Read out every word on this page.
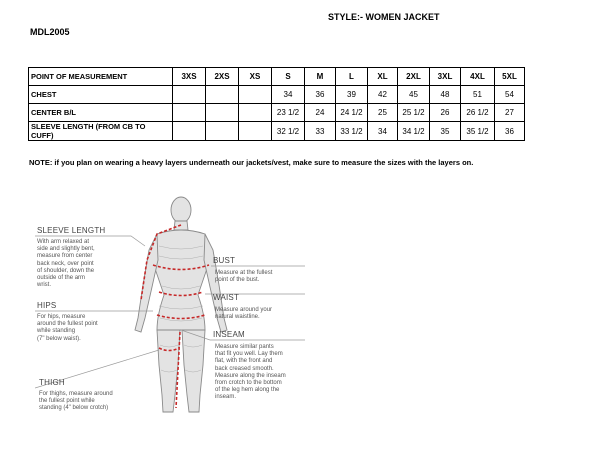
STYLE:- WOMEN JACKET
MDL2005
POINT OF MEASUREMENT	3XS	2XS	XS	S	M	L	XL	2XL	3XL	4XL	5XL
CHEST				34	36	39	42	45	48	51	54
CENTER B/L				23 1/2	24	24 1/2	25	25 1/2	26	26 1/2	27
SLEEVE LENGTH (FROM CB TO CUFF)				32 1/2	33	33 1/2	34	34 1/2	35	35 1/2	36
NOTE: if you plan on wearing a heavy layers underneath our jackets/vest, make sure to measure the sizes with the layers on.
SLEEVE LENGTH
With arm relaxed at
side and slightly bent,
measure from center
back neck, over point
of shoulder, down the
outside of the arm
wrist.
HIPS
For hips, measure
around the fullest point
while standing
(7" below waist).
THIGH
For thighs, measure around
the fullest point while
standing (4" below crotch)
BUST
Measure at the fullest
point of the bust.
WAIST
Measure around your
natural waistline.
INSEAM
Measure similar pants
that fit you well. Lay them
flat, with the front and
back creased smooth.
Measure along the inseam
from crotch to the bottom
of the leg hem along the
inseam.
